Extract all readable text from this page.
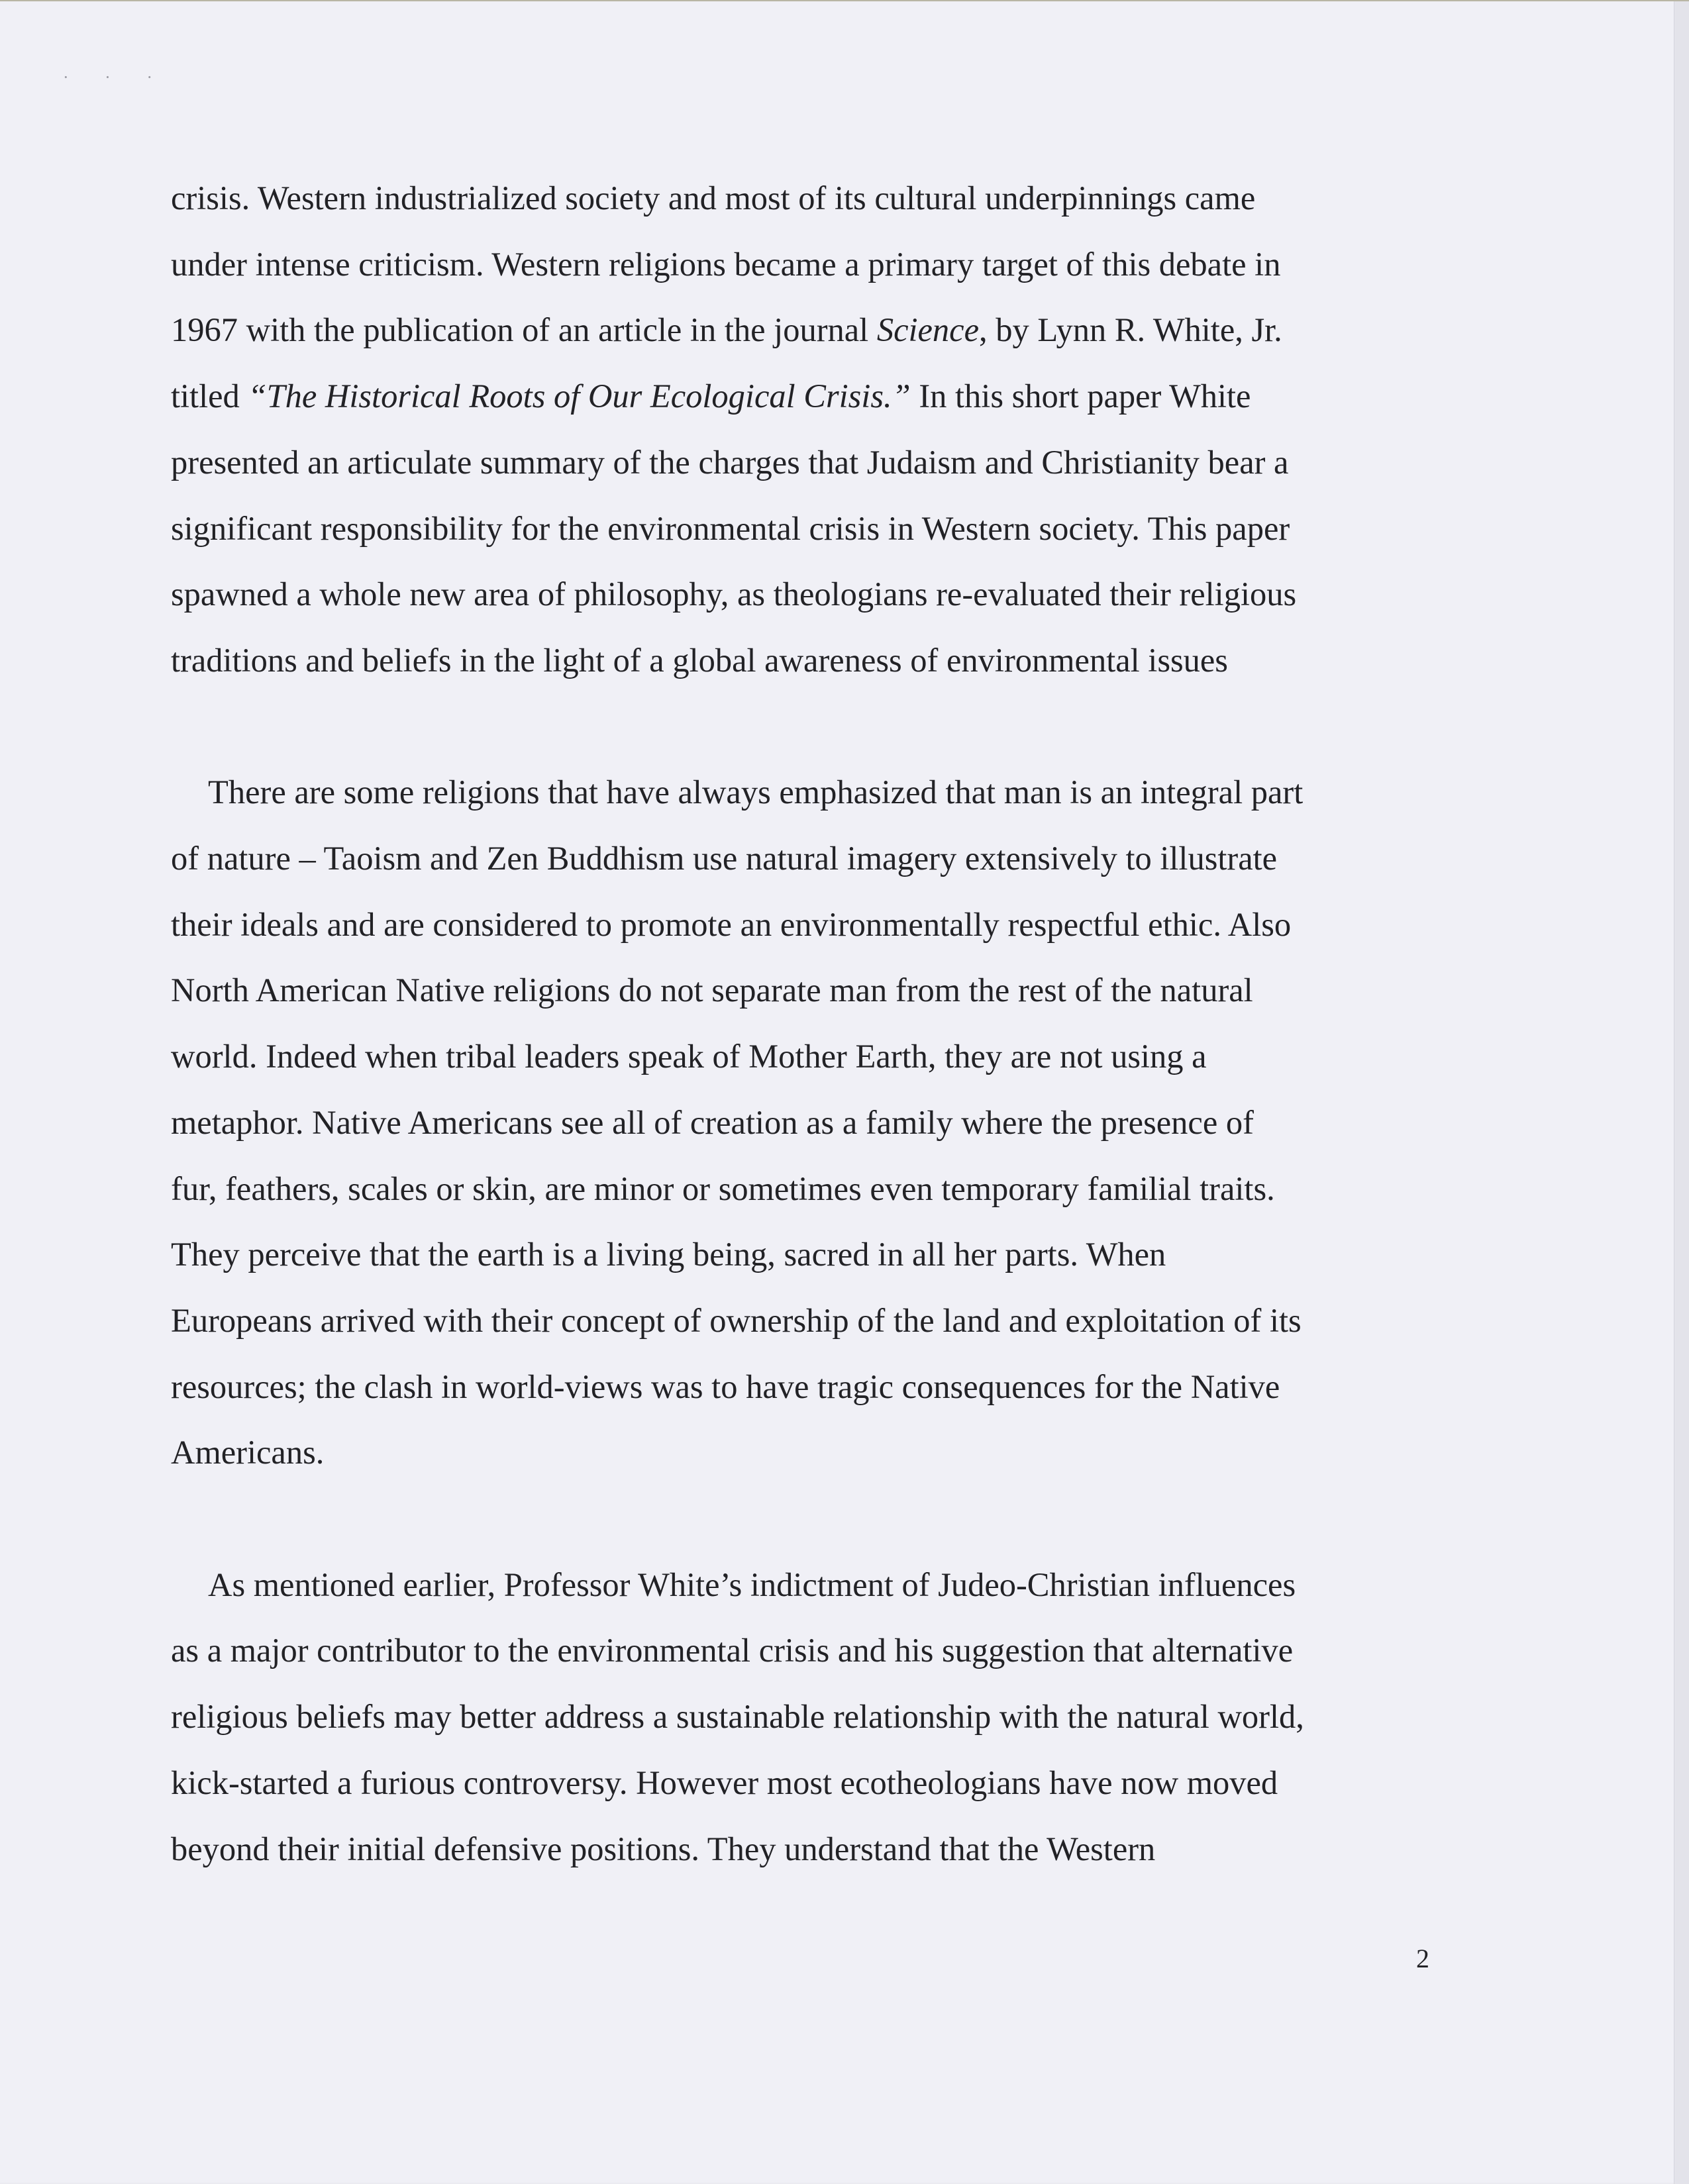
· · ·
crisis. Western industrialized society and most of its cultural underpinnings came
under intense criticism. Western religions became a primary target of this debate in
1967 with the publication of an article in the journal Science, by Lynn R. White, Jr.
titled “The Historical Roots of Our Ecological Crisis.” In this short paper White
presented an articulate summary of the charges that Judaism and Christianity bear a
significant responsibility for the environmental crisis in Western society. This paper
spawned a whole new area of philosophy, as theologians re-evaluated their religious
traditions and beliefs in the light of a global awareness of environmental issues
There are some religions that have always emphasized that man is an integral part
of nature – Taoism and Zen Buddhism use natural imagery extensively to illustrate
their ideals and are considered to promote an environmentally respectful ethic. Also
North American Native religions do not separate man from the rest of the natural
world. Indeed when tribal leaders speak of Mother Earth, they are not using a
metaphor. Native Americans see all of creation as a family where the presence of
fur, feathers, scales or skin, are minor or sometimes even temporary familial traits.
They perceive that the earth is a living being, sacred in all her parts. When
Europeans arrived with their concept of ownership of the land and exploitation of its
resources; the clash in world-views was to have tragic consequences for the Native
Americans.
As mentioned earlier, Professor White’s indictment of Judeo-Christian influences
as a major contributor to the environmental crisis and his suggestion that alternative
religious beliefs may better address a sustainable relationship with the natural world,
kick-started a furious controversy. However most ecotheologians have now moved
beyond their initial defensive positions. They understand that the Western
2
